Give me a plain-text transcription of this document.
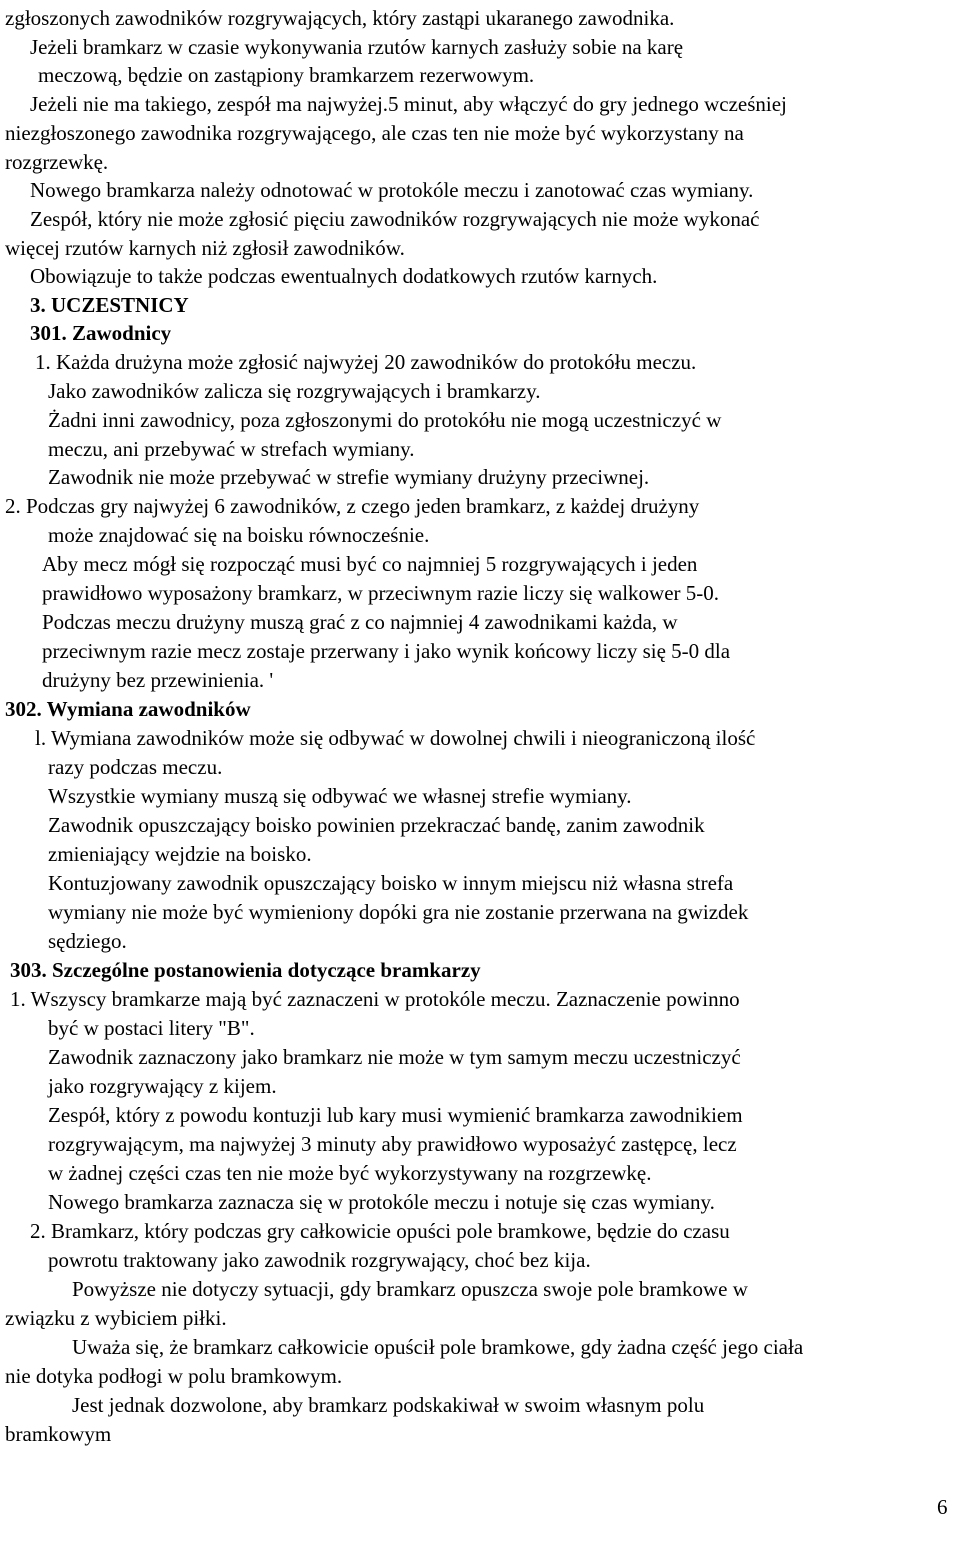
zgłoszonych zawodników rozgrywających, który zastąpi ukaranego zawodnika.
Jeżeli bramkarz w czasie wykonywania rzutów karnych zasłuży sobie na karę
meczową, będzie on zastąpiony bramkarzem rezerwowym.
Jeżeli nie ma takiego, zespół ma najwyżej.5 minut, aby włączyć do gry jednego wcześniej
niezgłoszonego zawodnika rozgrywającego, ale czas ten nie może być wykorzystany na
rozgrzewkę.
Nowego bramkarza należy odnotować w protokóle meczu i zanotować czas wymiany.
Zespół, który nie może zgłosić pięciu zawodników rozgrywających nie może wykonać
więcej rzutów karnych niż zgłosił zawodników.
Obowiązuje to także podczas ewentualnych dodatkowych rzutów karnych.
3. UCZESTNICY
301. Zawodnicy
1. Każda drużyna może zgłosić najwyżej 20 zawodników do protokółu meczu.
Jako zawodników zalicza się rozgrywających i bramkarzy.
Żadni inni zawodnicy, poza zgłoszonymi do protokółu nie mogą uczestniczyć w
meczu, ani przebywać w strefach wymiany.
Zawodnik nie może przebywać w strefie wymiany drużyny przeciwnej.
2. Podczas gry najwyżej 6 zawodników, z czego jeden bramkarz, z każdej drużyny
może znajdować się na boisku równocześnie.
Aby mecz mógł się rozpocząć musi być co najmniej 5 rozgrywających i jeden
prawidłowo wyposażony bramkarz, w przeciwnym razie liczy się walkower 5-0.
Podczas meczu drużyny muszą grać z co najmniej 4 zawodnikami każda, w
przeciwnym razie mecz zostaje przerwany i jako wynik końcowy liczy się 5-0 dla
drużyny bez przewinienia. '
302. Wymiana zawodników
l. Wymiana zawodników może się odbywać w dowolnej chwili i nieograniczoną ilość
razy podczas meczu.
Wszystkie wymiany muszą się odbywać we własnej strefie wymiany.
Zawodnik opuszczający boisko powinien przekraczać bandę, zanim zawodnik
zmieniający wejdzie na boisko.
Kontuzjowany zawodnik opuszczający boisko w innym miejscu niż własna strefa
wymiany nie może być wymieniony dopóki gra nie zostanie przerwana na gwizdek
sędziego.
303. Szczególne postanowienia dotyczące bramkarzy
1. Wszyscy bramkarze mają być zaznaczeni w protokóle meczu. Zaznaczenie powinno
być w postaci litery "B".
Zawodnik zaznaczony jako bramkarz nie może w tym samym meczu uczestniczyć
jako rozgrywający z kijem.
Zespół, który z powodu kontuzji lub kary musi wymienić bramkarza zawodnikiem
rozgrywającym, ma najwyżej 3 minuty aby prawidłowo wyposażyć zastępcę, lecz
w żadnej części czas ten nie może być wykorzystywany na rozgrzewkę.
Nowego bramkarza zaznacza się w protokóle meczu i notuje się czas wymiany.
2. Bramkarz, który podczas gry całkowicie opuści pole bramkowe, będzie do czasu
powrotu traktowany jako zawodnik rozgrywający, choć bez kija.
Powyższe nie dotyczy sytuacji, gdy bramkarz opuszcza swoje pole bramkowe w
związku z wybiciem piłki.
Uważa się, że bramkarz całkowicie opuścił pole bramkowe, gdy żadna część jego ciała
nie dotyka podłogi w polu bramkowym.
Jest jednak dozwolone, aby bramkarz podskakiwał w swoim własnym polu
bramkowym
6
